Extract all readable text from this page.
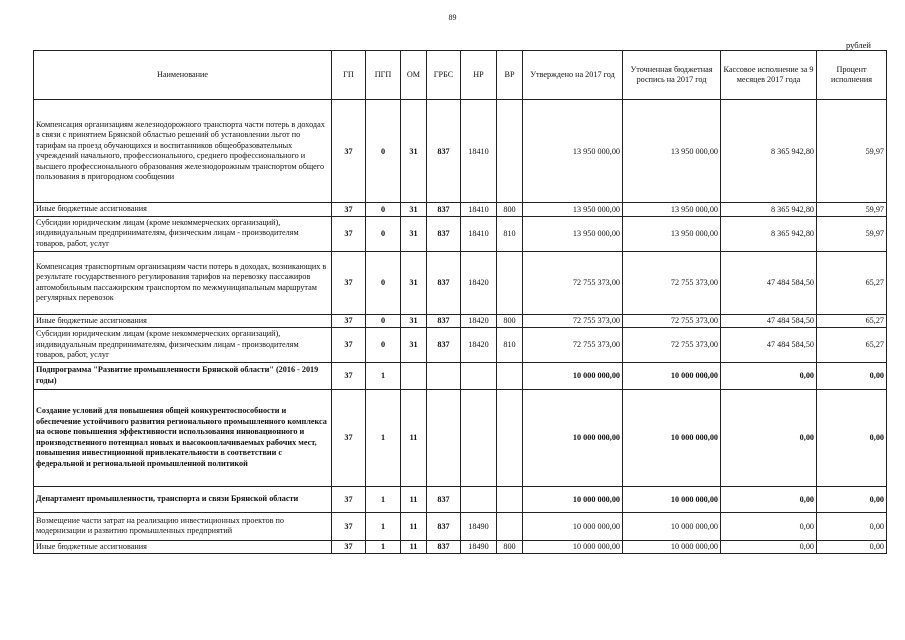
89
рублей
Наименование	ГП	ПГП	ОМ	ГРБС	НР	ВР	Утверждено на 2017 год	Уточненная бюджетная роспись на 2017 год	Кассовое исполнение за 9 месяцев 2017 года	Процент исполнения
Компенсация организациям железнодорожного транспорта части потерь в доходах в связи с принятием Брянской областью решений об установлении льгот по тарифам на проезд обучающихся и воспитанников общеобразовательных учреждений начального, профессионального, среднего профессионального и высшего профессионального образования железнодорожным транспортом общего пользования в пригородном сообщении	37	0	31	837	18410		13 950 000,00	13 950 000,00	8 365 942,80	59,97
Иные бюджетные ассигнования	37	0	31	837	18410	800	13 950 000,00	13 950 000,00	8 365 942,80	59,97
Субсидии юридическим лицам (кроме некоммерческих организаций), индивидуальным предпринимателям, физическим лицам - производителям товаров, работ, услуг	37	0	31	837	18410	810	13 950 000,00	13 950 000,00	8 365 942,80	59,97
Компенсация транспортным организациям части потерь в доходах, возникающих в результате государственного регулирования тарифов на перевозку пассажиров автомобильным пассажирским транспортом по межмуниципальным маршрутам регулярных перевозок	37	0	31	837	18420		72 755 373,00	72 755 373,00	47 484 584,50	65,27
Иные бюджетные ассигнования	37	0	31	837	18420	800	72 755 373,00	72 755 373,00	47 484 584,50	65,27
Субсидии юридическим лицам (кроме некоммерческих организаций), индивидуальным предпринимателям, физическим лицам - производителям товаров, работ, услуг	37	0	31	837	18420	810	72 755 373,00	72 755 373,00	47 484 584,50	65,27
Подпрограмма "Развитие промышленности Брянской области" (2016 - 2019 годы)	37	1					10 000 000,00	10 000 000,00	0,00	0,00
Создание условий для повышения общей конкурентоспособности и обеспечение устойчивого развития регионального промышленного комплекса на основе повышения эффективности использования инновационного и производственного потенциал новых и высокооплачиваемых рабочих мест, повышения инвестиционной привлекательности в соответствии с федеральной и региональной промышленной политикой	37	1	11				10 000 000,00	10 000 000,00	0,00	0,00
Департамент промышленности, транспорта и связи Брянской области	37	1	11	837			10 000 000,00	10 000 000,00	0,00	0,00
Возмещение части затрат на реализацию инвестиционных проектов по модернизации и развитию промышленных предприятий	37	1	11	837	18490		10 000 000,00	10 000 000,00	0,00	0,00
Иные бюджетные ассигнования	37	1	11	837	18490	800	10 000 000,00	10 000 000,00	0,00	0,00
